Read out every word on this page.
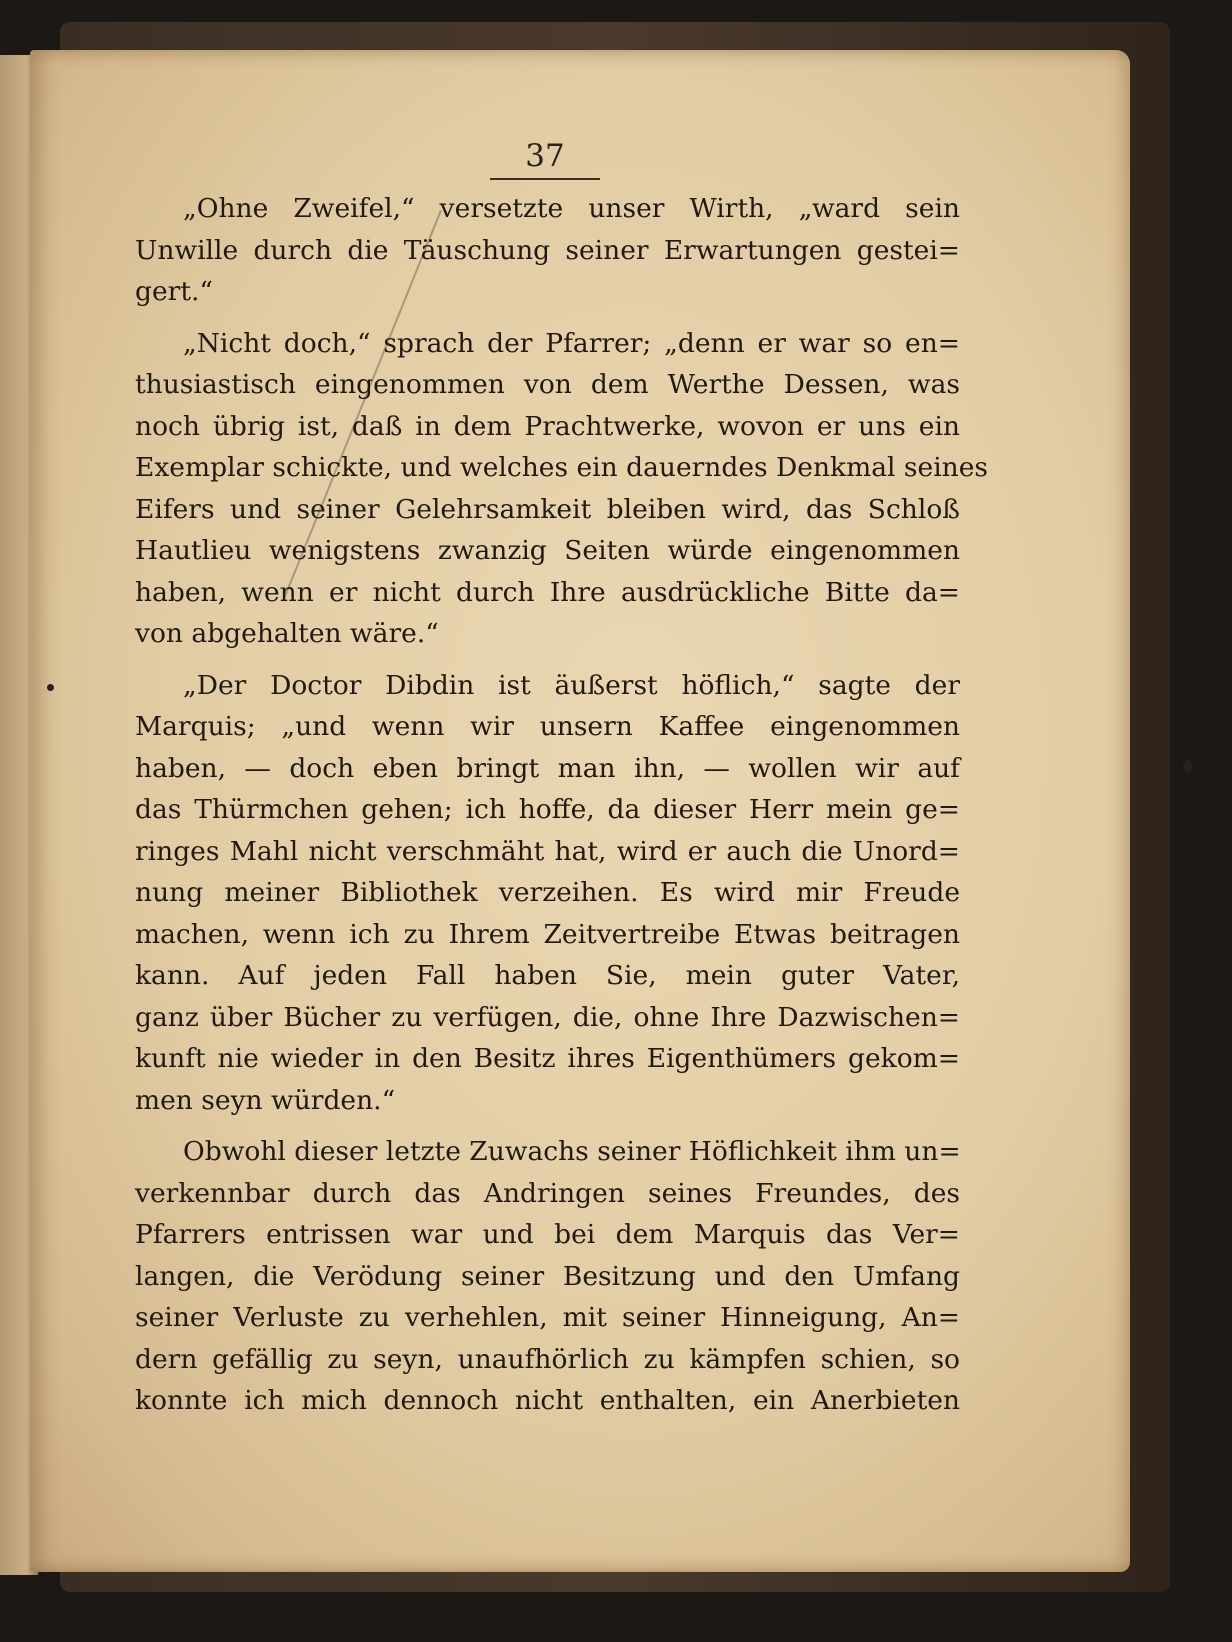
37

„Ohne Zweifel,“ versetzte unser Wirth, „ward sein
Unwille durch die Täuschung seiner Erwartungen gestei=
gert.“

„Nicht doch,“ sprach der Pfarrer; „denn er war so en=
thusiastisch eingenommen von dem Werthe Dessen, was
noch übrig ist, daß in dem Prachtwerke, wovon er uns ein
Exemplar schickte, und welches ein dauerndes Denkmal seines
Eifers und seiner Gelehrsamkeit bleiben wird, das Schloß
Hautlieu wenigstens zwanzig Seiten würde eingenommen
haben, wenn er nicht durch Ihre ausdrückliche Bitte da=
von abgehalten wäre.“

„Der Doctor Dibdin ist äußerst höflich,“ sagte der
Marquis; „und wenn wir unsern Kaffee eingenommen
haben, — doch eben bringt man ihn, — wollen wir auf
das Thürmchen gehen; ich hoffe, da dieser Herr mein ge=
ringes Mahl nicht verschmäht hat, wird er auch die Unord=
nung meiner Bibliothek verzeihen. Es wird mir Freude
machen, wenn ich zu Ihrem Zeitvertreibe Etwas beitragen
kann. Auf jeden Fall haben Sie, mein guter Vater,
ganz über Bücher zu verfügen, die, ohne Ihre Dazwischen=
kunft nie wieder in den Besitz ihres Eigenthümers gekom=
men seyn würden.“

Obwohl dieser letzte Zuwachs seiner Höflichkeit ihm un=
verkennbar durch das Andringen seines Freundes, des
Pfarrers entrissen war und bei dem Marquis das Ver=
langen, die Verödung seiner Besitzung und den Umfang
seiner Verluste zu verhehlen, mit seiner Hinneigung, An=
dern gefällig zu seyn, unaufhörlich zu kämpfen schien, so
konnte ich mich dennoch nicht enthalten, ein Anerbieten
